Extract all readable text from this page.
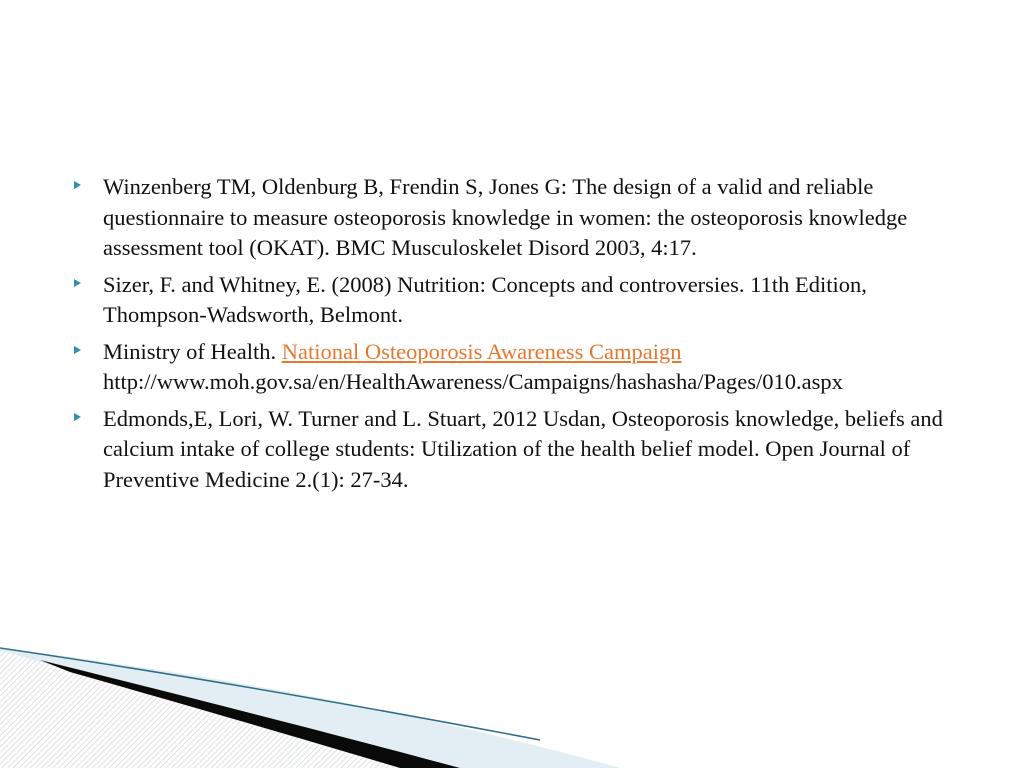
Winzenberg TM, Oldenburg B, Frendin S, Jones G: The design of a valid and reliable questionnaire to measure osteoporosis knowledge in women: the osteoporosis knowledge assessment tool (OKAT). BMC Musculoskelet Disord 2003, 4:17.
Sizer, F. and Whitney, E. (2008) Nutrition: Concepts and controversies. 11th Edition, Thompson-Wadsworth, Belmont.
Ministry of Health. National Osteoporosis Awareness Campaign
http://www.moh.gov.sa/en/HealthAwareness/Campaigns/hashasha/Pages/010.aspx
Edmonds,E, Lori, W. Turner and L. Stuart, 2012 Usdan, Osteoporosis knowledge, beliefs and calcium intake of college students: Utilization of the health belief model. Open Journal of Preventive Medicine 2.(1): 27-34.
